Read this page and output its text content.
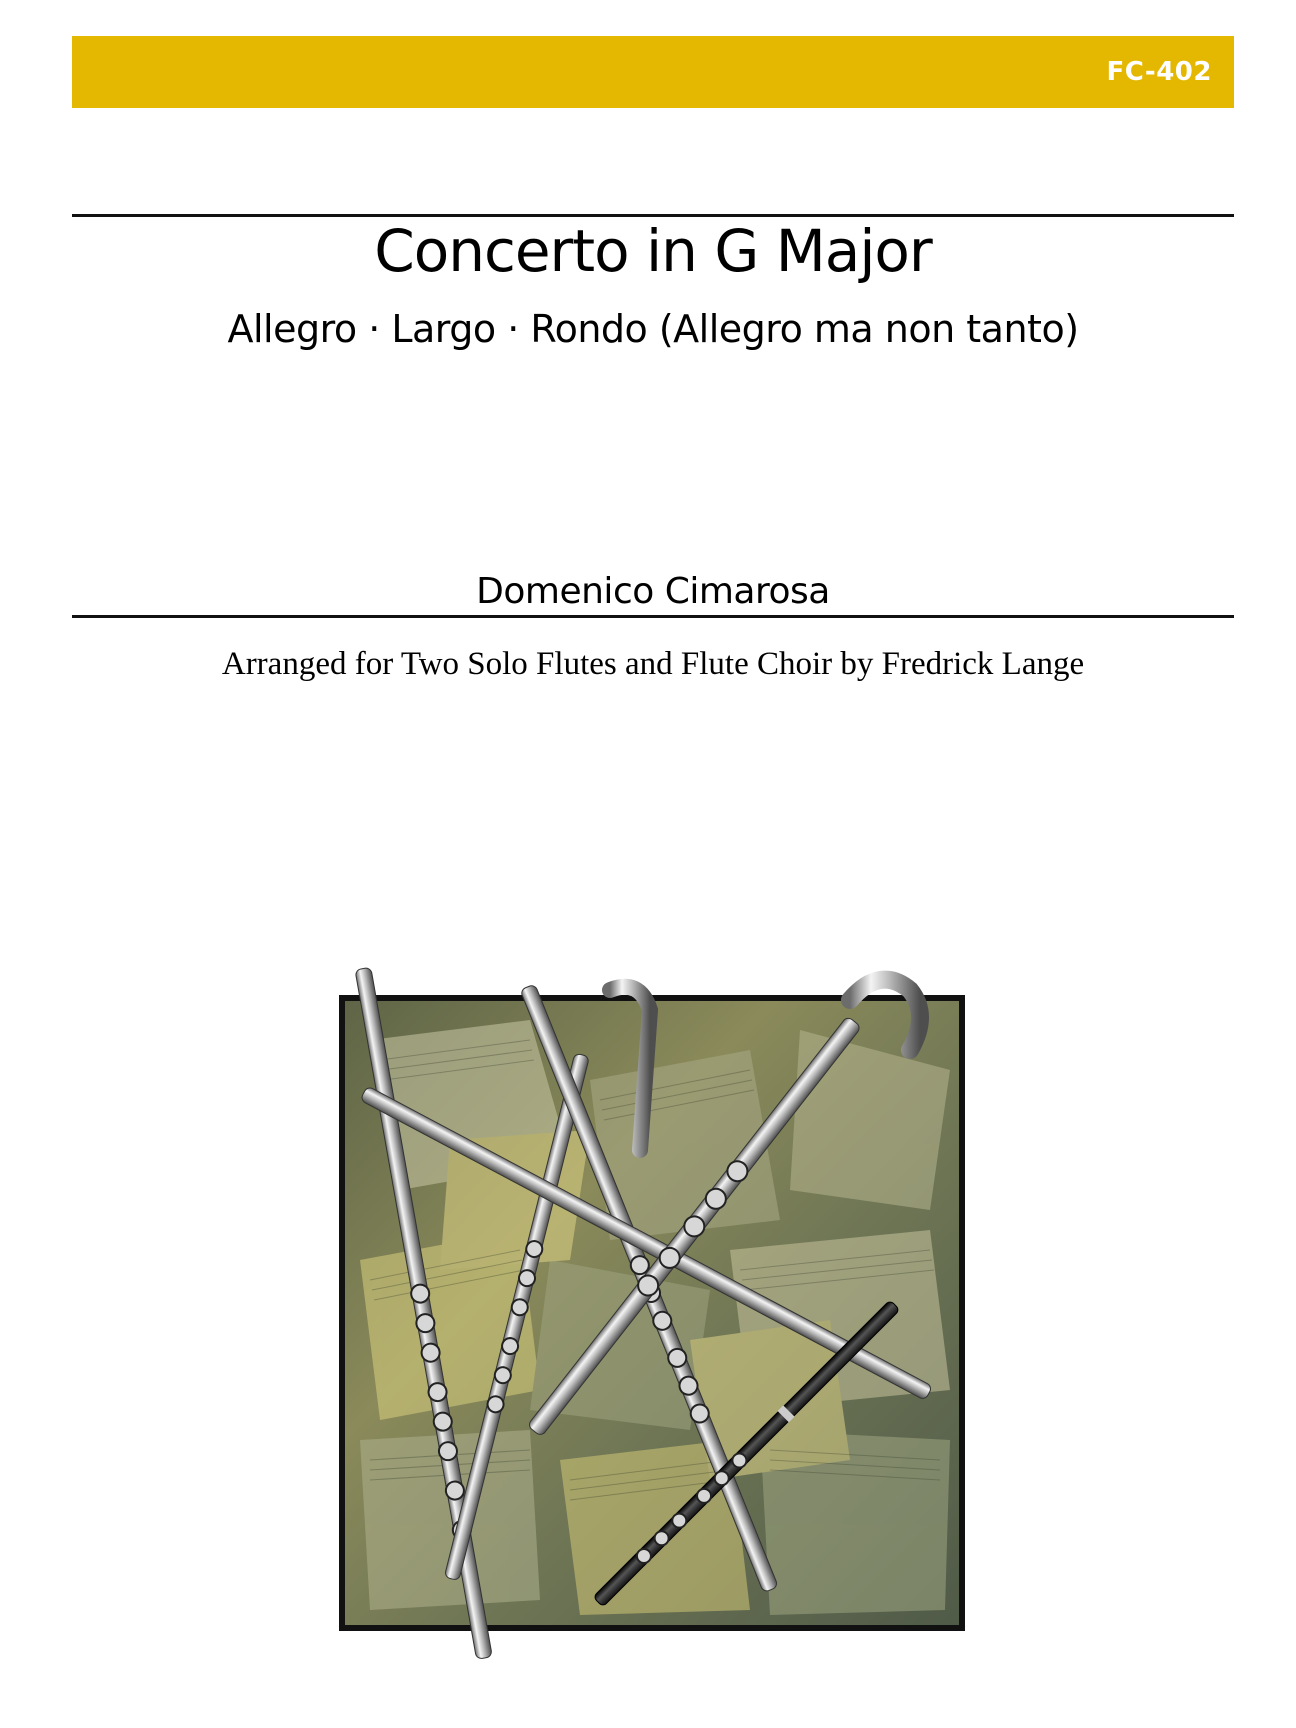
FC-402
Concerto in G Major
Allegro · Largo · Rondo (Allegro ma non tanto)
Domenico Cimarosa
Arranged for Two Solo Flutes and Flute Choir by Fredrick Lange
